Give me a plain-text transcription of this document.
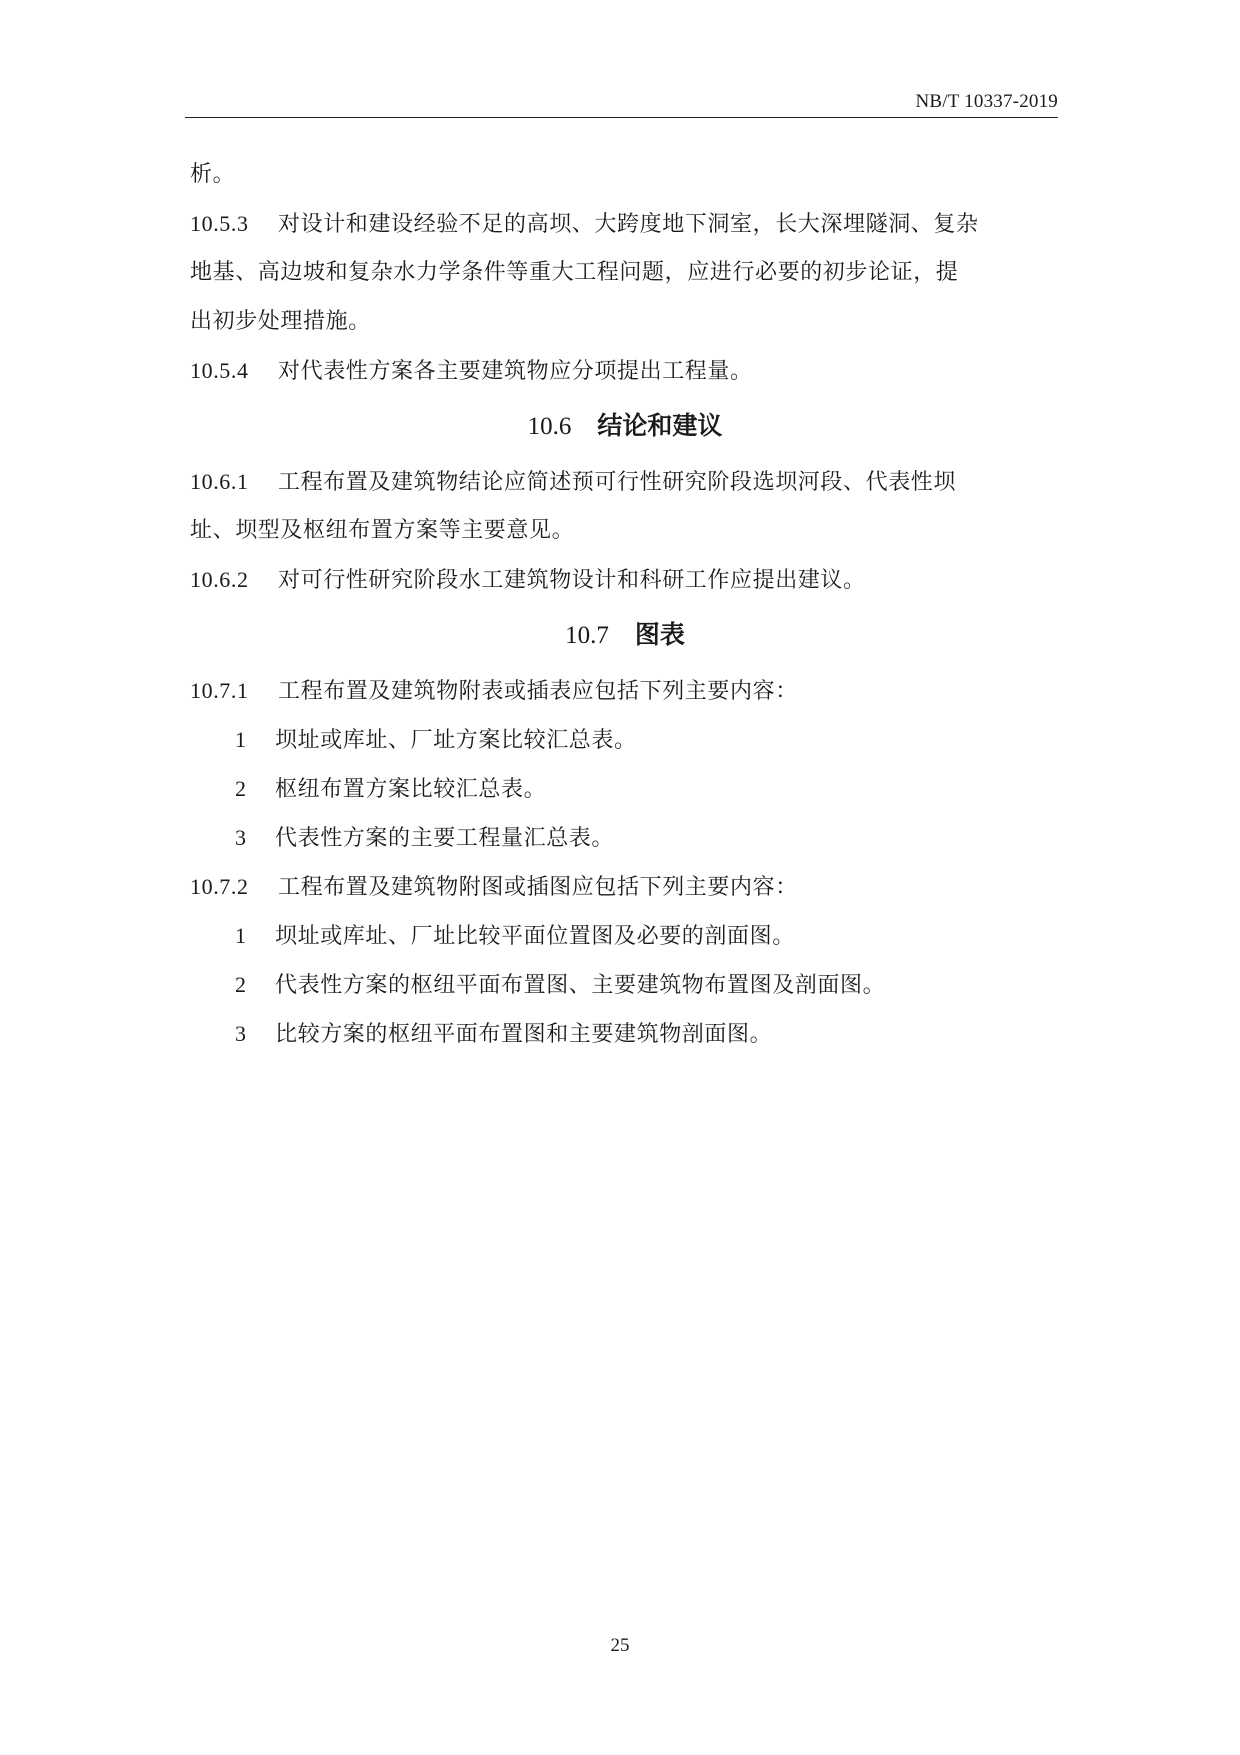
NB/T 10337-2019
析。
10.5.3 对设计和建设经验不足的高坝、大跨度地下洞室，长大深埋隧洞、复杂
地基、高边坡和复杂水力学条件等重大工程问题，应进行必要的初步论证，提
出初步处理措施。
10.5.4 对代表性方案各主要建筑物应分项提出工程量。
10.6 结论和建议
10.6.1 工程布置及建筑物结论应简述预可行性研究阶段选坝河段、代表性坝
址、坝型及枢纽布置方案等主要意见。
10.6.2 对可行性研究阶段水工建筑物设计和科研工作应提出建议。
10.7 图表
10.7.1 工程布置及建筑物附表或插表应包括下列主要内容：
1 坝址或库址、厂址方案比较汇总表。
2 枢纽布置方案比较汇总表。
3 代表性方案的主要工程量汇总表。
10.7.2 工程布置及建筑物附图或插图应包括下列主要内容：
1 坝址或库址、厂址比较平面位置图及必要的剖面图。
2 代表性方案的枢纽平面布置图、主要建筑物布置图及剖面图。
3 比较方案的枢纽平面布置图和主要建筑物剖面图。
25
